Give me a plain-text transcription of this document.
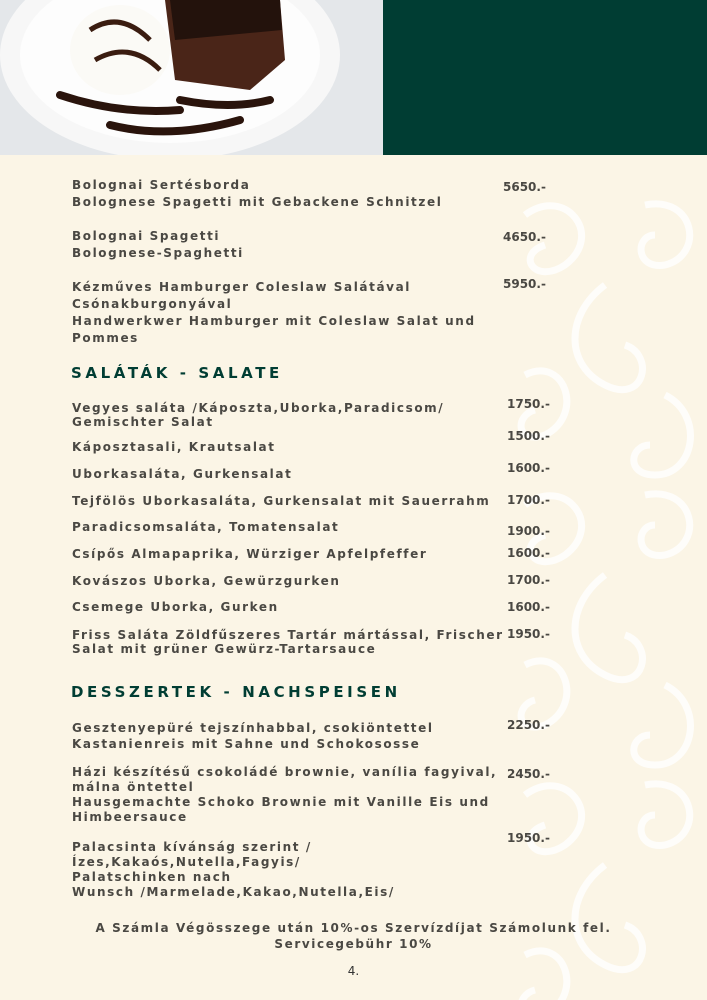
Bolognai Sertésborda
Bolognese Spagetti mit Gebackene Schnitzel
5650.-
Bolognai Spagetti
Bolognese-Spaghetti
4650.-
Kézműves Hamburger Coleslaw Salátával
Csónakburgonyával
Handwerkwer Hamburger mit Coleslaw Salat und
Pommes
5950.-
SALÁTÁK - SALATE
Vegyes saláta /Káposzta,Uborka,Paradicsom/
Gemischter Salat
1750.-
Káposztasali, Krautsalat
1500.-
Uborkasaláta, Gurkensalat	1600.-
Tejfölös Uborkasaláta, Gurkensalat mit Sauerrahm 1700.-
Paradicsomsaláta, Tomatensalat	1900.-
Csípős Almapaprika, Würziger Apfelpfeffer	1600.-
Kovászos Uborka, Gewürzgurken	1700.-
Csemege Uborka, Gurken	1600.-
Friss Saláta Zöldfűszeres Tartár mártással, Frischer
Salat mit grüner Gewürz-Tartarsauce
1950.-
DESSZERTEK - NACHSPEISEN
Gesztenyepüré tejszínhabbal, csokiöntettel
Kastanienreis mit Sahne und Schokososse
2250.-
Házi készítésű csokoládé brownie, vanília fagyival,
málna öntettel
Hausgemachte Schoko Brownie mit Vanille Eis und
Himbeersauce
2450.-
Palacsinta kívánság szerint /
Ízes,Kakaós,Nutella,Fagyis/
Palatschinken nach
Wunsch /Marmelade,Kakao,Nutella,Eis/
1950.-
A Számla Végösszege után 10%-os Szervízdíjat Számolunk fel.
Servicegebühr 10%
4.
